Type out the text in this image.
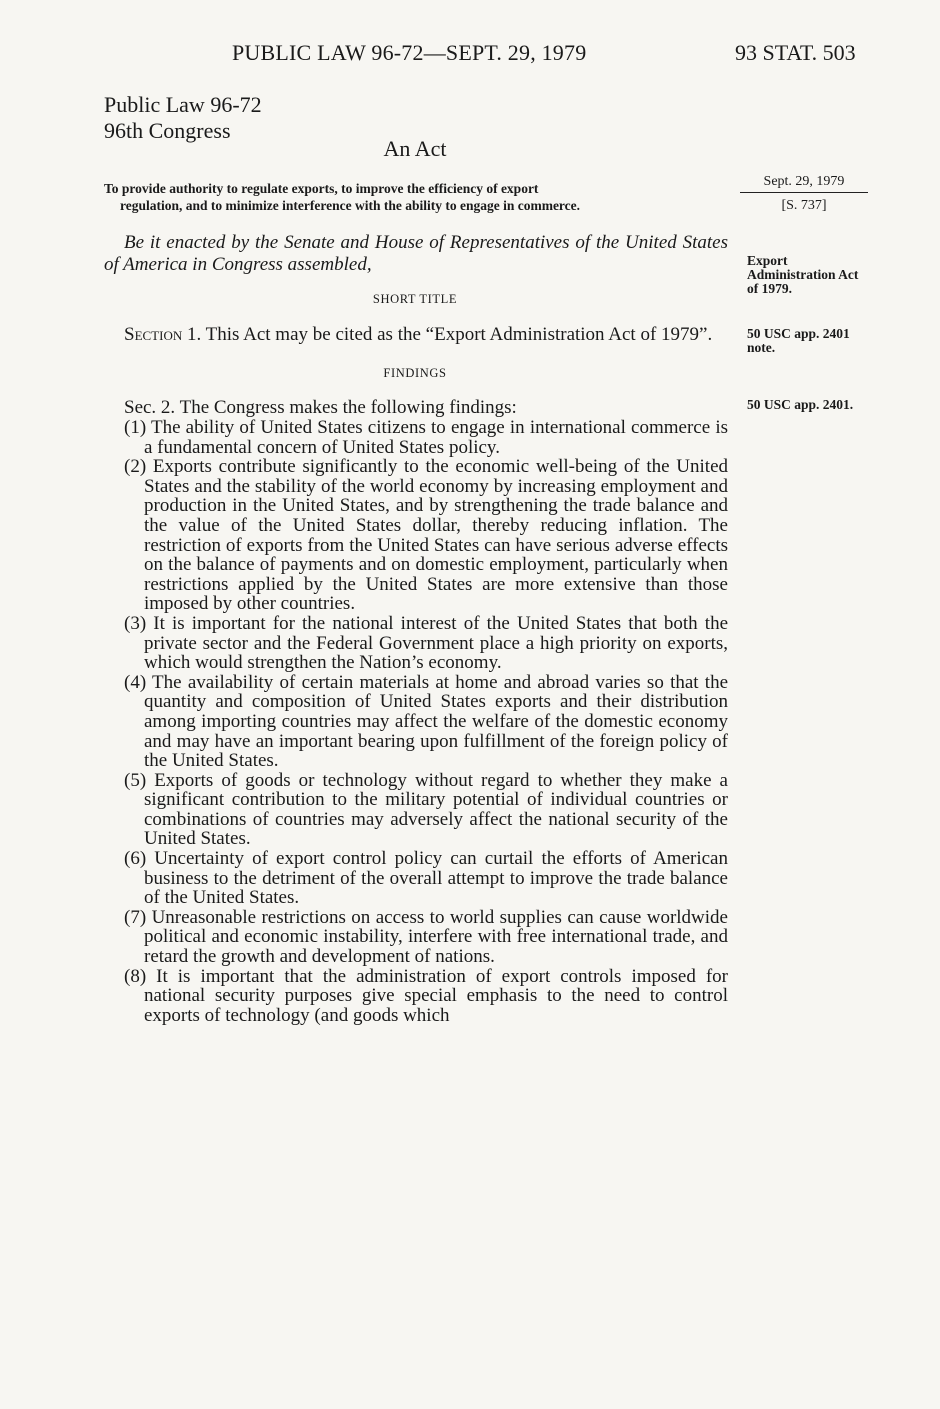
PUBLIC LAW 96-72—SEPT. 29, 1979	93 STAT. 503
Public Law 96-72
96th Congress
An Act
To provide authority to regulate exports, to improve the efficiency of export
regulation, and to minimize interference with the ability to engage in commerce.
Sept. 29, 1979
[S. 737]
Be it enacted by the Senate and House of Representatives of the United States of America in Congress assembled,	Export Administration Act of 1979.
SHORT TITLE
Section 1. This Act may be cited as the “Export Administration Act of 1979”.	50 USC app. 2401 note.
FINDINGS
Sec. 2. The Congress makes the following findings:	50 USC app. 2401.

(1) The ability of United States citizens to engage in international commerce is a fundamental concern of United States policy.

(2) Exports contribute significantly to the economic well-being of the United States and the stability of the world economy by increasing employment and production in the United States, and by strengthening the trade balance and the value of the United States dollar, thereby reducing inflation. The restriction of exports from the United States can have serious adverse effects on the balance of payments and on domestic employment, particularly when restrictions applied by the United States are more extensive than those imposed by other countries.

(3) It is important for the national interest of the United States that both the private sector and the Federal Government place a high priority on exports, which would strengthen the Nation’s economy.

(4) The availability of certain materials at home and abroad varies so that the quantity and composition of United States exports and their distribution among importing countries may affect the welfare of the domestic economy and may have an important bearing upon fulfillment of the foreign policy of the United States.

(5) Exports of goods or technology without regard to whether they make a significant contribution to the military potential of individual countries or combinations of countries may adversely affect the national security of the United States.

(6) Uncertainty of export control policy can curtail the efforts of American business to the detriment of the overall attempt to improve the trade balance of the United States.

(7) Unreasonable restrictions on access to world supplies can cause worldwide political and economic instability, interfere with free international trade, and retard the growth and development of nations.

(8) It is important that the administration of export controls imposed for national security purposes give special emphasis to the need to control exports of technology (and goods which
